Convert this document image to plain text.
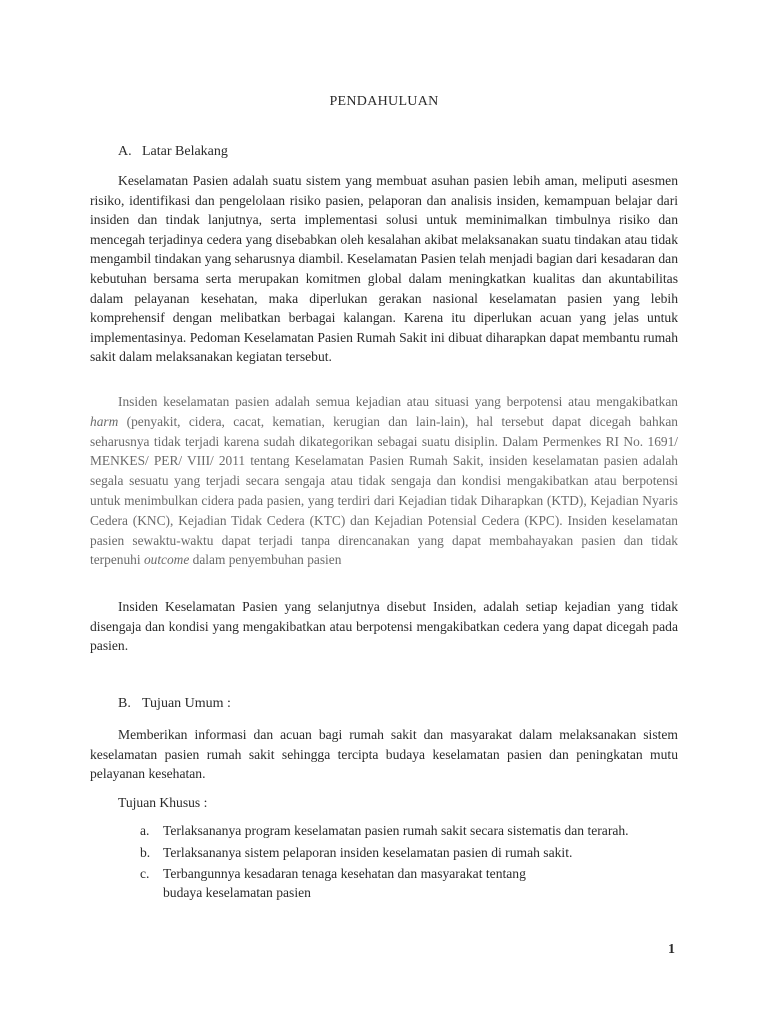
PENDAHULUAN
A. Latar Belakang
Keselamatan Pasien adalah suatu sistem yang membuat asuhan pasien lebih aman, meliputi asesmen risiko, identifikasi dan pengelolaan risiko pasien, pelaporan dan analisis insiden, kemampuan belajar dari insiden dan tindak lanjutnya, serta implementasi solusi untuk meminimalkan timbulnya risiko dan mencegah terjadinya cedera yang disebabkan oleh kesalahan akibat melaksanakan suatu tindakan atau tidak mengambil tindakan yang seharusnya diambil. Keselamatan Pasien telah menjadi bagian dari kesadaran dan kebutuhan bersama serta merupakan komitmen global dalam meningkatkan kualitas dan akuntabilitas dalam pelayanan kesehatan, maka diperlukan gerakan nasional keselamatan pasien yang lebih komprehensif dengan melibatkan berbagai kalangan. Karena itu diperlukan acuan yang jelas untuk implementasinya. Pedoman Keselamatan Pasien Rumah Sakit ini dibuat diharapkan dapat membantu rumah sakit dalam melaksanakan kegiatan tersebut.
Insiden keselamatan pasien adalah semua kejadian atau situasi yang berpotensi atau mengakibatkan harm (penyakit, cidera, cacat, kematian, kerugian dan lain-lain), hal tersebut dapat dicegah bahkan seharusnya tidak terjadi karena sudah dikategorikan sebagai suatu disiplin. Dalam Permenkes RI No. 1691/ MENKES/ PER/ VIII/ 2011 tentang Keselamatan Pasien Rumah Sakit, insiden keselamatan pasien adalah segala sesuatu yang terjadi secara sengaja atau tidak sengaja dan kondisi mengakibatkan atau berpotensi untuk menimbulkan cidera pada pasien, yang terdiri dari Kejadian tidak Diharapkan (KTD), Kejadian Nyaris Cedera (KNC), Kejadian Tidak Cedera (KTC) dan Kejadian Potensial Cedera (KPC). Insiden keselamatan pasien sewaktu-waktu dapat terjadi tanpa direncanakan yang dapat membahayakan pasien dan tidak terpenuhi outcome dalam penyembuhan pasien
Insiden Keselamatan Pasien yang selanjutnya disebut Insiden, adalah setiap kejadian yang tidak disengaja dan kondisi yang mengakibatkan atau berpotensi mengakibatkan cedera yang dapat dicegah pada pasien.
B. Tujuan Umum :
Memberikan informasi dan acuan bagi rumah sakit dan masyarakat dalam melaksanakan sistem keselamatan pasien rumah sakit sehingga tercipta budaya keselamatan pasien dan peningkatan mutu pelayanan kesehatan.
Tujuan Khusus :
a. Terlaksananya program keselamatan pasien rumah sakit secara sistematis dan terarah.
b. Terlaksananya sistem pelaporan insiden keselamatan pasien di rumah sakit.
c. Terbangunnya kesadaran tenaga kesehatan dan masyarakat tentang
budaya keselamatan pasien
1
